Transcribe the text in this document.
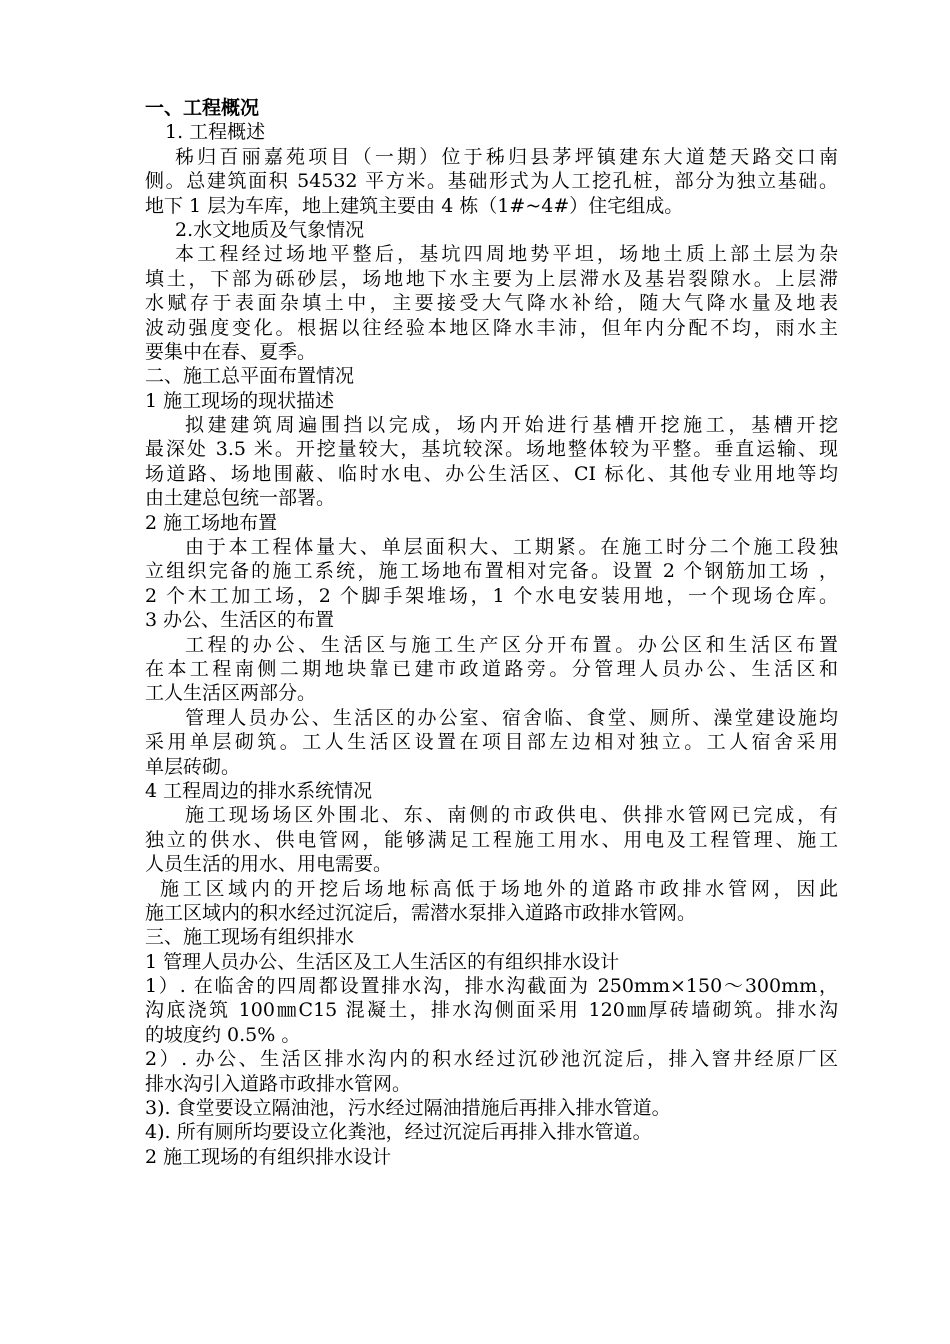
一、工程概况
1. 工程概述
秭归百丽嘉苑项目（一期）位于秭归县茅坪镇建东大道楚天路交口南
侧。总建筑面积 54532 平方米。基础形式为人工挖孔桩，部分为独立基础。
地下 1 层为车库，地上建筑主要由 4 栋（1#~4#）住宅组成。
2.水文地质及气象情况
本工程经过场地平整后，基坑四周地势平坦，场地土质上部土层为杂
填土，下部为砾砂层，场地地下水主要为上层滞水及基岩裂隙水。上层滞
水赋存于表面杂填土中，主要接受大气降水补给，随大气降水量及地表
波动强度变化。根据以往经验本地区降水丰沛，但年内分配不均，雨水主
要集中在春、夏季。
二、施工总平面布置情况
1 施工现场的现状描述
拟建建筑周遍围挡以完成，场内开始进行基槽开挖施工，基槽开挖
最深处 3.5 米。开挖量较大，基坑较深。场地整体较为平整。垂直运输、现
场道路、场地围蔽、临时水电、办公生活区、CI 标化、其他专业用地等均
由土建总包统一部署。
2 施工场地布置
由于本工程体量大、单层面积大、工期紧。在施工时分二个施工段独
立组织完备的施工系统，施工场地布置相对完备。设置 2 个钢筋加工场 ，
2 个木工加工场，2 个脚手架堆场，1 个水电安装用地，一个现场仓库。
3 办公、生活区的布置
工程的办公、生活区与施工生产区分开布置。办公区和生活区布置
在本工程南侧二期地块靠已建市政道路旁。分管理人员办公、生活区和
工人生活区两部分。
管理人员办公、生活区的办公室、宿舍临、食堂、厕所、澡堂建设施均
采用单层砌筑。工人生活区设置在项目部左边相对独立。工人宿舍采用
单层砖砌。
4 工程周边的排水系统情况
施工现场场区外围北、东、南侧的市政供电、供排水管网已完成，有
独立的供水、供电管网，能够满足工程施工用水、用电及工程管理、施工
人员生活的用水、用电需要。
施工区域内的开挖后场地标高低于场地外的道路市政排水管网，因此
施工区域内的积水经过沉淀后，需潜水泵排入道路市政排水管网。
三、施工现场有组织排水
1 管理人员办公、生活区及工人生活区的有组织排水设计
1）. 在临舍的四周都设置排水沟，排水沟截面为 250mm×150～300mm，
沟底浇筑 100㎜C15 混凝土，排水沟侧面采用 120㎜厚砖墙砌筑。排水沟
的坡度约 0.5% 。
2）. 办公、生活区排水沟内的积水经过沉砂池沉淀后，排入窨井经原厂区
排水沟引入道路市政排水管网。
3). 食堂要设立隔油池，污水经过隔油措施后再排入排水管道。
4). 所有厕所均要设立化粪池，经过沉淀后再排入排水管道。
2 施工现场的有组织排水设计
